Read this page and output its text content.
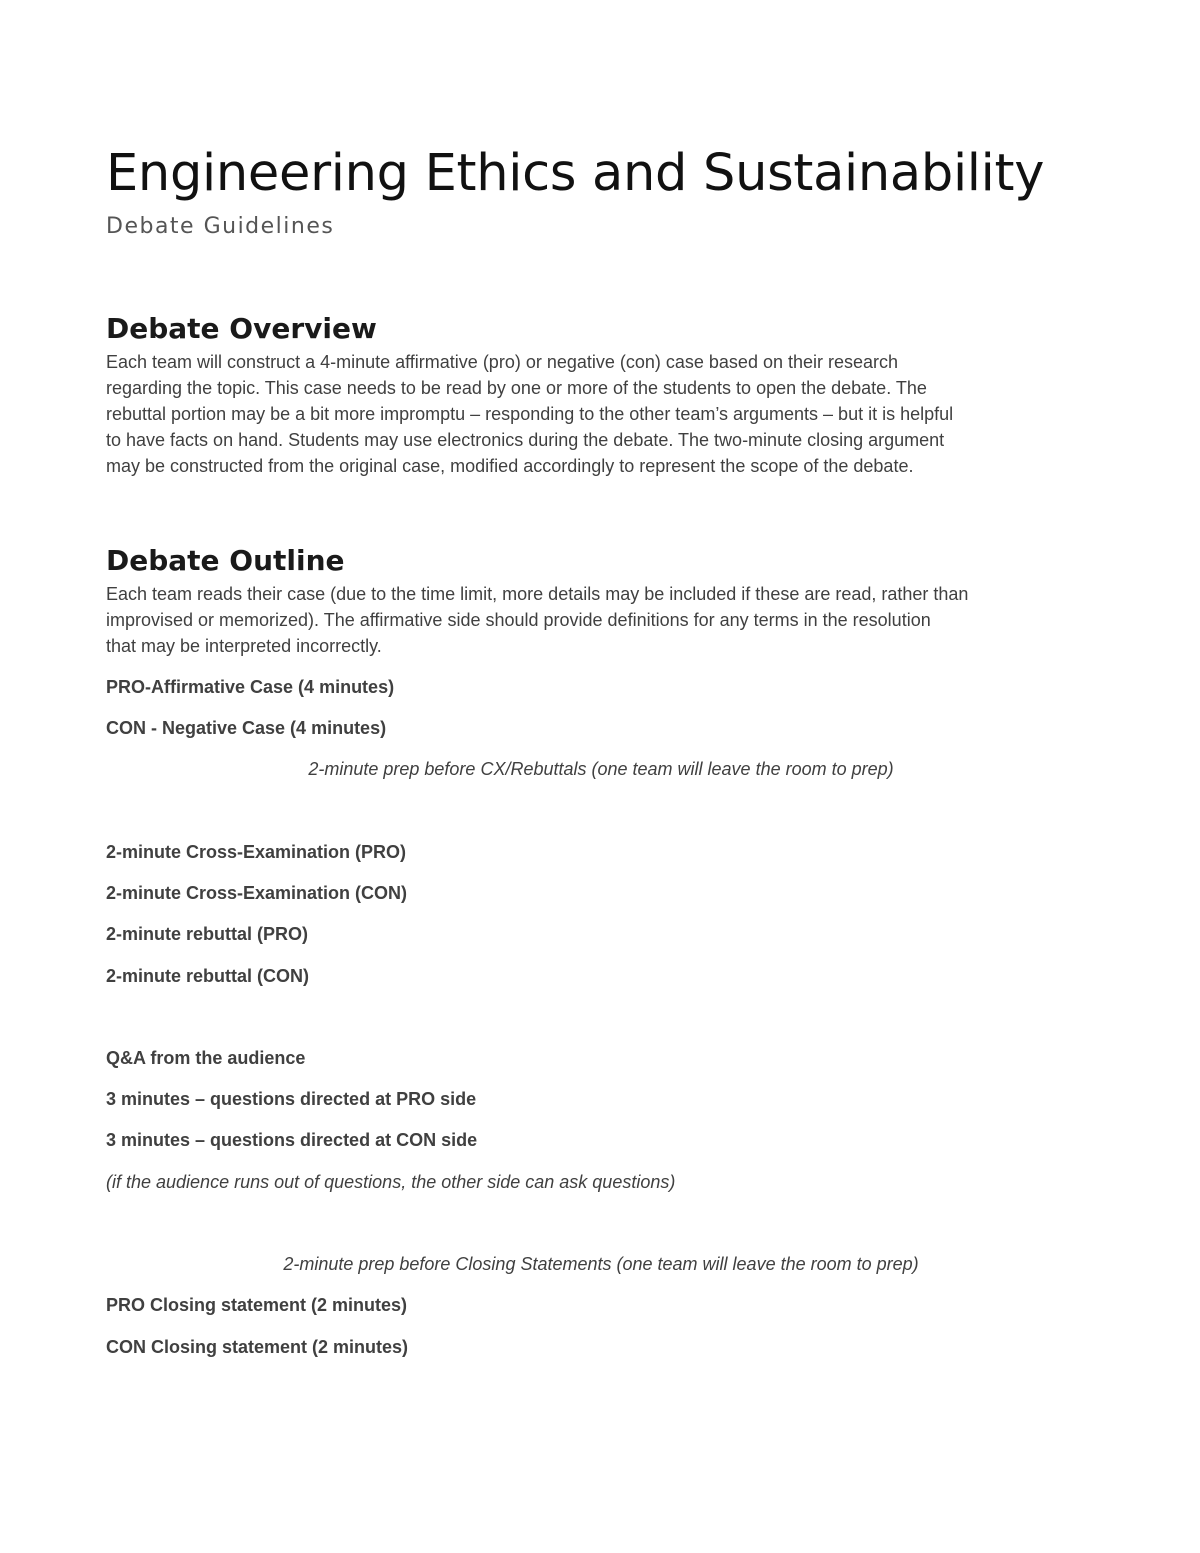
Engineering Ethics and Sustainability

Debate Guidelines

Debate Overview

Each team will construct a 4-minute affirmative (pro) or negative (con) case based on their research

regarding the topic. This case needs to be read by one or more of the students to open the debate. The

rebuttal portion may be a bit more impromptu – responding to the other team’s arguments – but it is helpful

to have facts on hand. Students may use electronics during the debate. The two-minute closing argument

may be constructed from the original case, modified accordingly to represent the scope of the debate.

Debate Outline

Each team reads their case (due to the time limit, more details may be included if these are read, rather than

improvised or memorized). The affirmative side should provide definitions for any terms in the resolution

that may be interpreted incorrectly.

PRO-Affirmative Case (4 minutes)

CON - Negative Case (4 minutes)

2-minute prep before CX/Rebuttals (one team will leave the room to prep)

2-minute Cross-Examination (PRO)

2-minute Cross-Examination (CON)

2-minute rebuttal (PRO)

2-minute rebuttal (CON)

Q&A from the audience

3 minutes – questions directed at PRO side

3 minutes – questions directed at CON side

(if the audience runs out of questions, the other side can ask questions)

2-minute prep before Closing Statements (one team will leave the room to prep)

PRO Closing statement (2 minutes)

CON Closing statement (2 minutes)
